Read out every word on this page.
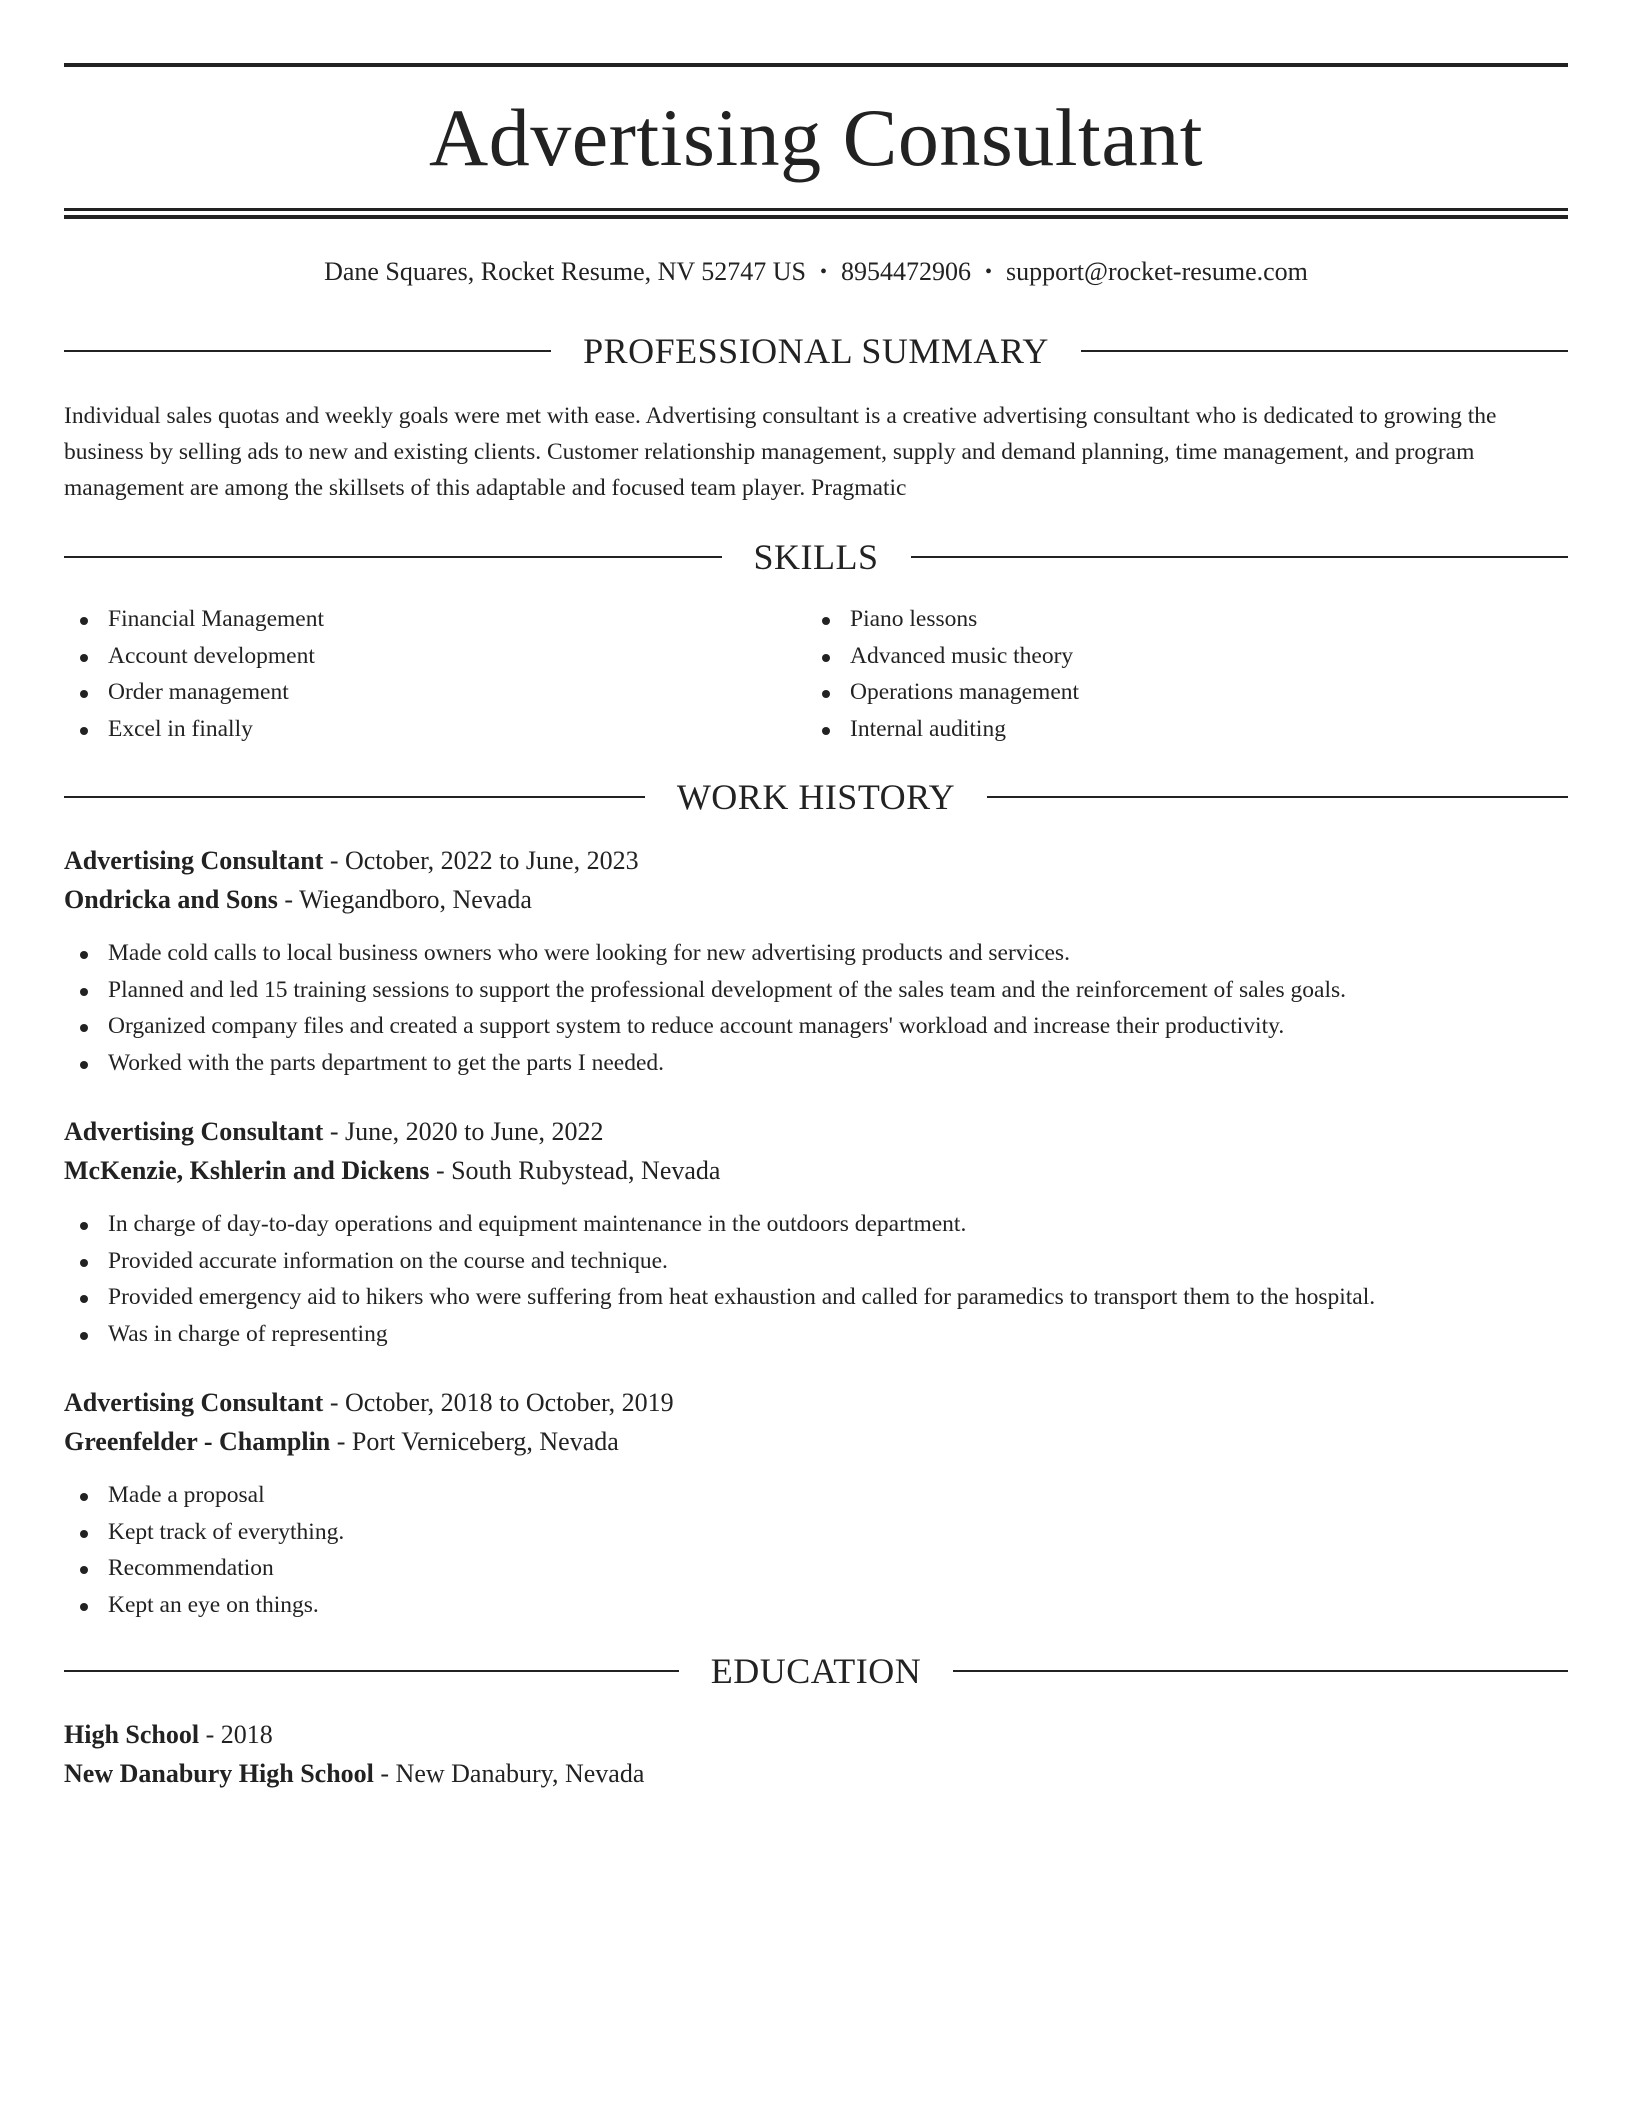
Advertising Consultant
Dane Squares, Rocket Resume, NV 52747 US • 8954472906 • support@rocket-resume.com
PROFESSIONAL SUMMARY
Individual sales quotas and weekly goals were met with ease. Advertising consultant is a creative advertising consultant who is dedicated to growing the business by selling ads to new and existing clients. Customer relationship management, supply and demand planning, time management, and program management are among the skillsets of this adaptable and focused team player. Pragmatic
SKILLS
Financial Management
Account development
Order management
Excel in finally
Piano lessons
Advanced music theory
Operations management
Internal auditing
WORK HISTORY
Advertising Consultant - October, 2022 to June, 2023
Ondricka and Sons - Wiegandboro, Nevada
Made cold calls to local business owners who were looking for new advertising products and services.
Planned and led 15 training sessions to support the professional development of the sales team and the reinforcement of sales goals.
Organized company files and created a support system to reduce account managers' workload and increase their productivity.
Worked with the parts department to get the parts I needed.
Advertising Consultant - June, 2020 to June, 2022
McKenzie, Kshlerin and Dickens - South Rubystead, Nevada
In charge of day-to-day operations and equipment maintenance in the outdoors department.
Provided accurate information on the course and technique.
Provided emergency aid to hikers who were suffering from heat exhaustion and called for paramedics to transport them to the hospital.
Was in charge of representing
Advertising Consultant - October, 2018 to October, 2019
Greenfelder - Champlin - Port Verniceberg, Nevada
Made a proposal
Kept track of everything.
Recommendation
Kept an eye on things.
EDUCATION
High School - 2018
New Danabury High School - New Danabury, Nevada
